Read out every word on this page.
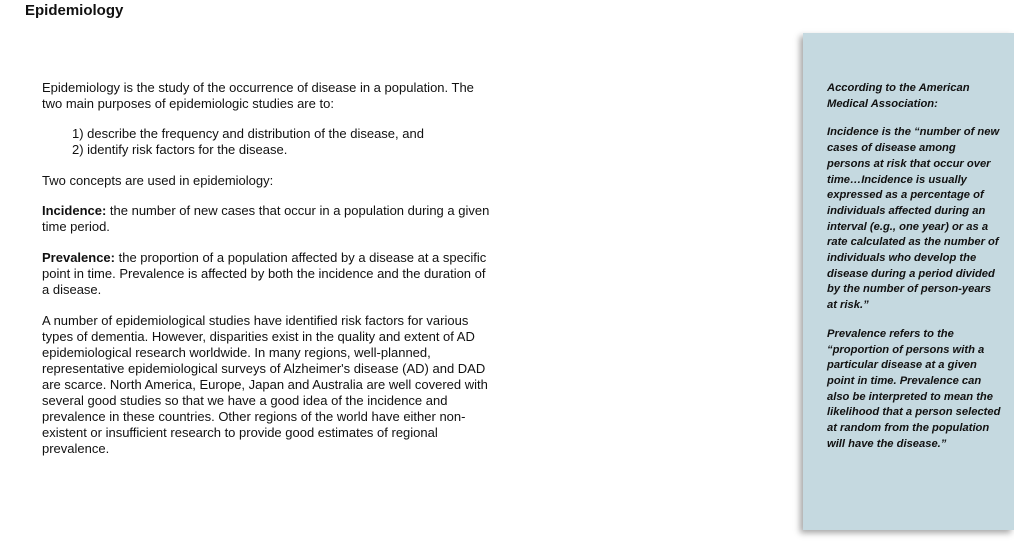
Epidemiology

Epidemiology is the study of the occurrence of disease in a population. The two main purposes of epidemiologic studies are to:

1) describe the frequency and distribution of the disease, and
2) identify risk factors for the disease.

Two concepts are used in epidemiology:

Incidence: the number of new cases that occur in a population during a given time period.

Prevalence: the proportion of a population affected by a disease at a specific point in time. Prevalence is affected by both the incidence and the duration of a disease.

A number of epidemiological studies have identified risk factors for various types of dementia. However, disparities exist in the quality and extent of AD epidemiological research worldwide. In many regions, well-planned, representative epidemiological surveys of Alzheimer's disease (AD) and DAD are scarce. North America, Europe, Japan and Australia are well covered with several good studies so that we have a good idea of the incidence and prevalence in these countries. Other regions of the world have either non-existent or insufficient research to provide good estimates of regional prevalence.

According to the American Medical Association:

Incidence is the “number of new cases of disease among persons at risk that occur over time…Incidence is usually expressed as a percentage of individuals affected during an interval (e.g., one year) or as a rate calculated as the number of individuals who develop the disease during a period divided by the number of person-years at risk.”

Prevalence refers to the “proportion of persons with a particular disease at a given point in time. Prevalence can also be interpreted to mean the likelihood that a person selected at random from the population will have the disease.”
